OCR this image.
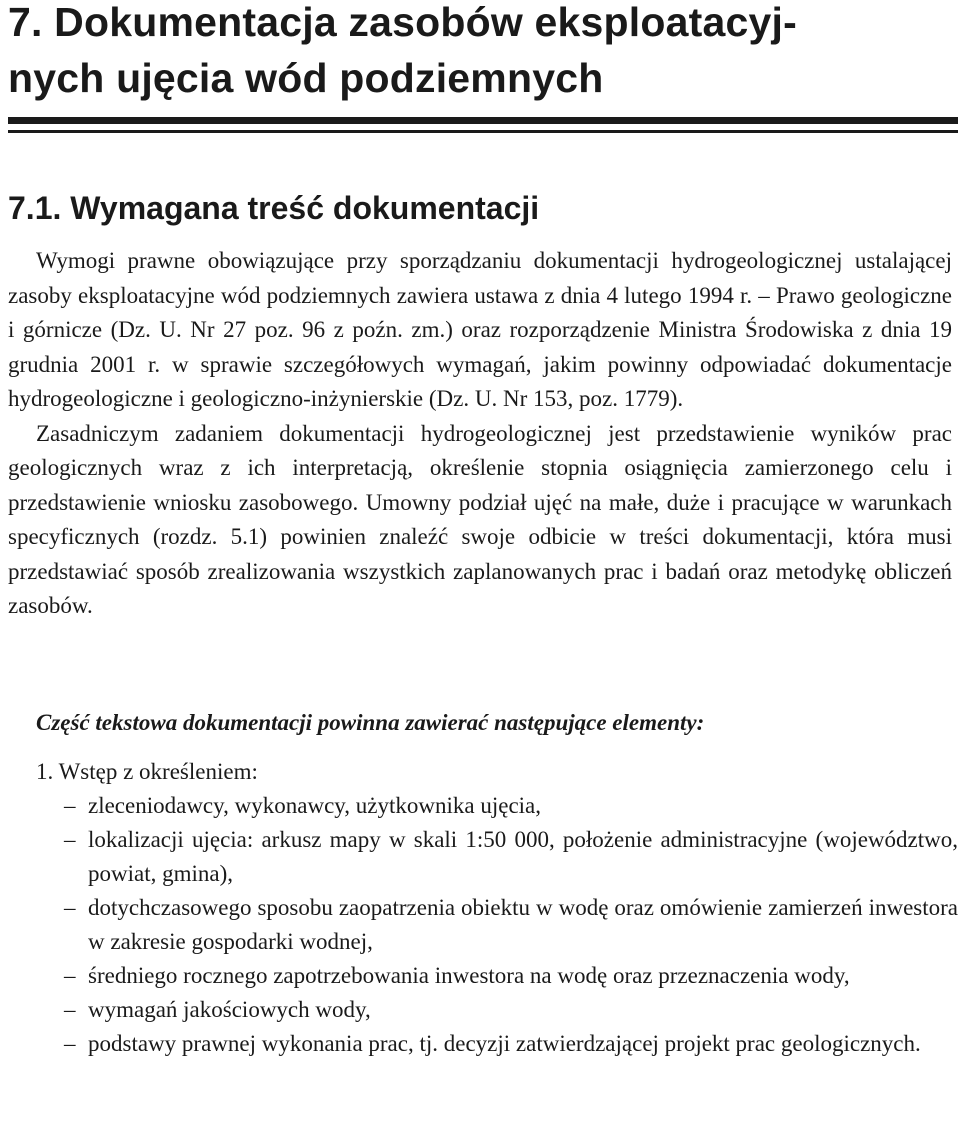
7. Dokumentacja zasobów eksploatacyj-
nych ujęcia wód podziemnych
7.1. Wymagana treść dokumentacji

Wymogi prawne obowiązujące przy sporządzaniu dokumentacji hydrogeologicznej ustalającej zasoby eksploatacyjne wód podziemnych zawiera ustawa z dnia 4 lutego 1994 r. – Prawo geologiczne i górnicze (Dz. U. Nr 27 poz. 96 z poźn. zm.) oraz rozporządzenie Ministra Środowiska z dnia 19 grudnia 2001 r. w sprawie szczegółowych wymagań, jakim powinny odpowiadać dokumentacje hydrogeologiczne i geologiczno-inżynierskie (Dz. U. Nr 153, poz. 1779).

Zasadniczym zadaniem dokumentacji hydrogeologicznej jest przedstawienie wyników prac geologicznych wraz z ich interpretacją, określenie stopnia osiągnięcia zamierzonego celu i przedstawienie wniosku zasobowego. Umowny podział ujęć na małe, duże i pracujące w warunkach specyficznych (rozdz. 5.1) powinien znaleźć swoje odbicie w treści dokumentacji, która musi przedstawiać sposób zrealizowania wszystkich zaplanowanych prac i badań oraz metodykę obliczeń zasobów.

Część tekstowa dokumentacji powinna zawierać następujące elementy:

1. Wstęp z określeniem:

– zleceniodawcy, wykonawcy, użytkownika ujęcia,
– lokalizacji ujęcia: arkusz mapy w skali 1:50 000, położenie administracyjne (województwo, powiat, gmina),
– dotychczasowego sposobu zaopatrzenia obiektu w wodę oraz omówienie zamierzeń inwestora w zakresie gospodarki wodnej,
– średniego rocznego zapotrzebowania inwestora na wodę oraz przeznaczenia wody,
– wymagań jakościowych wody,
– podstawy prawnej wykonania prac, tj. decyzji zatwierdzającej projekt prac geologicznych.
